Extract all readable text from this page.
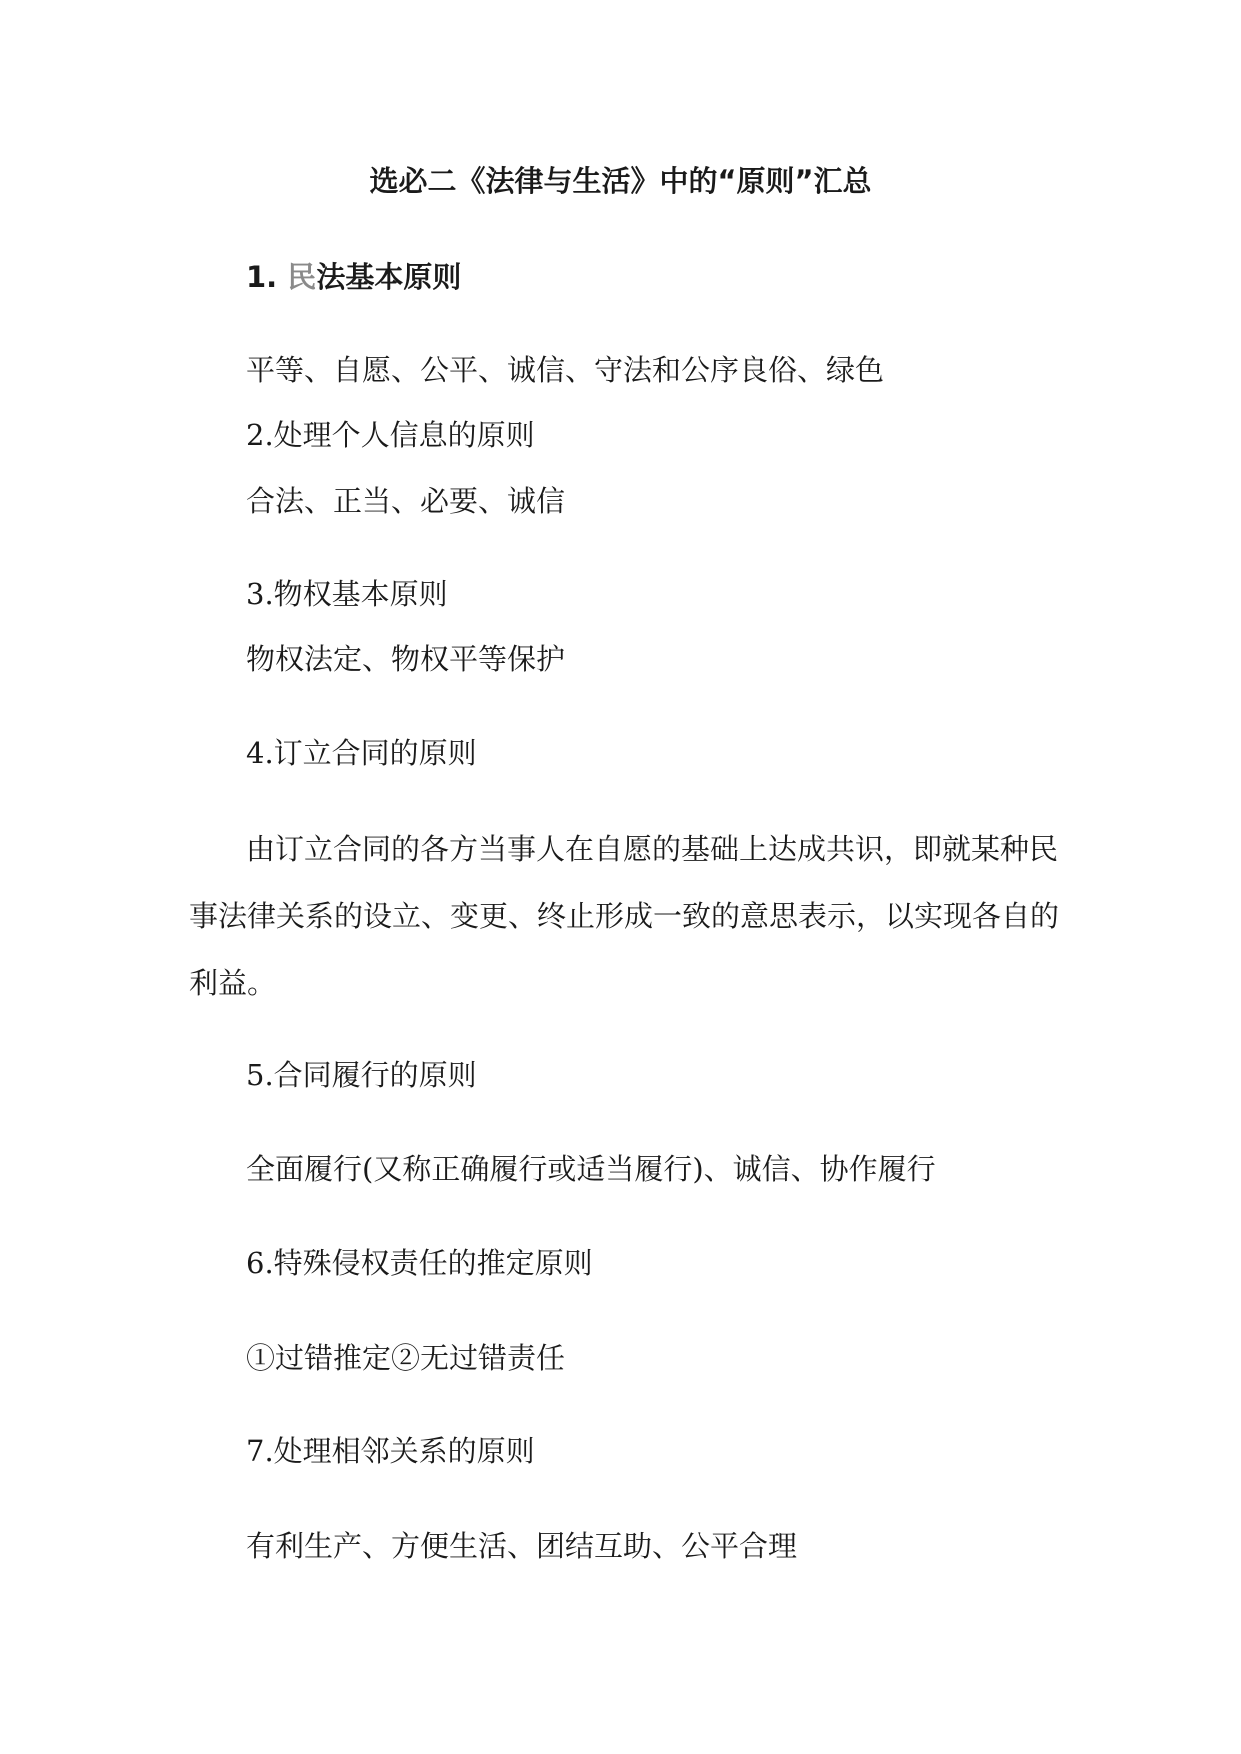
选必二《法律与生活》中的“原则”汇总
1. 民法基本原则
平等、自愿、公平、诚信、守法和公序良俗、绿色
2.处理个人信息的原则
合法、正当、必要、诚信
3.物权基本原则
物权法定、物权平等保护
4.订立合同的原则
由订立合同的各方当事人在自愿的基础上达成共识，即就某种民
事法律关系的设立、变更、终止形成一致的意思表示，以实现各自的
利益。
5.合同履行的原则
全面履行(又称正确履行或适当履行)、诚信、协作履行
6.特殊侵权责任的推定原则
①过错推定②无过错责任
7.处理相邻关系的原则
有利生产、方便生活、团结互助、公平合理
